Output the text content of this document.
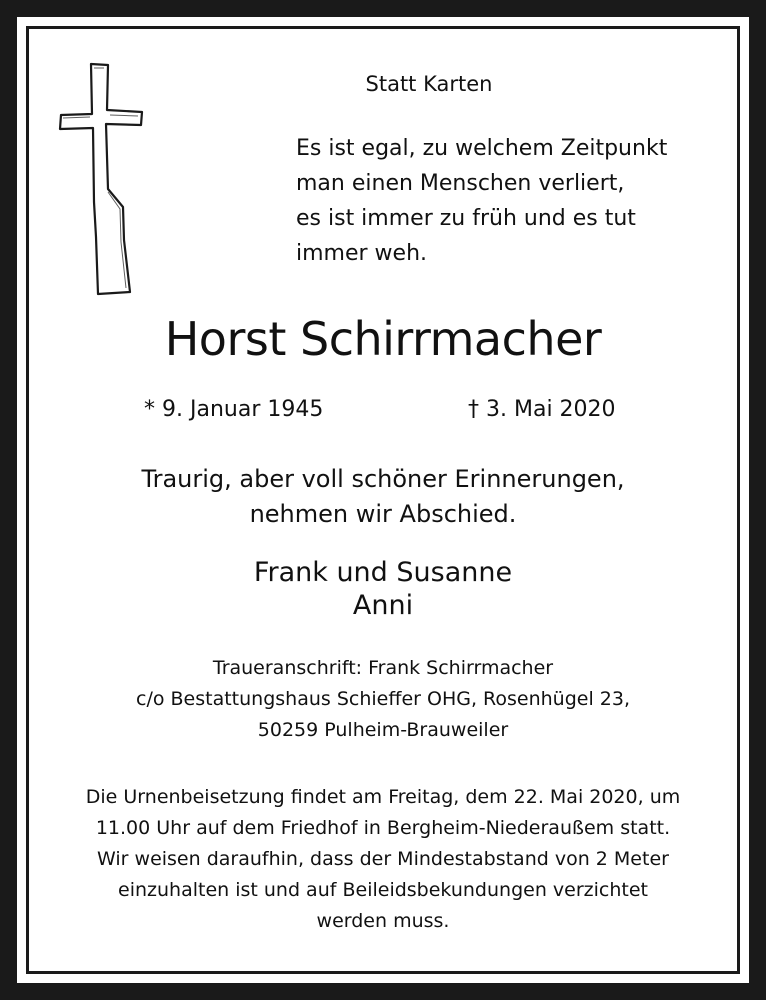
Statt Karten

Es ist egal, zu welchem Zeitpunkt
man einen Menschen verliert,
es ist immer zu früh und es tut
immer weh.

Horst Schirrmacher

* 9. Januar 1945	† 3. Mai 2020

Traurig, aber voll schöner Erinnerungen,
nehmen wir Abschied.
Frank und Susanne
Anni
Traueranschrift: Frank Schirrmacher
c/o Bestattungshaus Schieffer OHG, Rosenhügel 23,
50259 Pulheim-Brauweiler
Die Urnenbeisetzung findet am Freitag, dem 22. Mai 2020, um
11.00 Uhr auf dem Friedhof in Bergheim-Niederaußem statt.
Wir weisen daraufhin, dass der Mindestabstand von 2 Meter
einzuhalten ist und auf Beileidsbekundungen verzichtet
werden muss.
